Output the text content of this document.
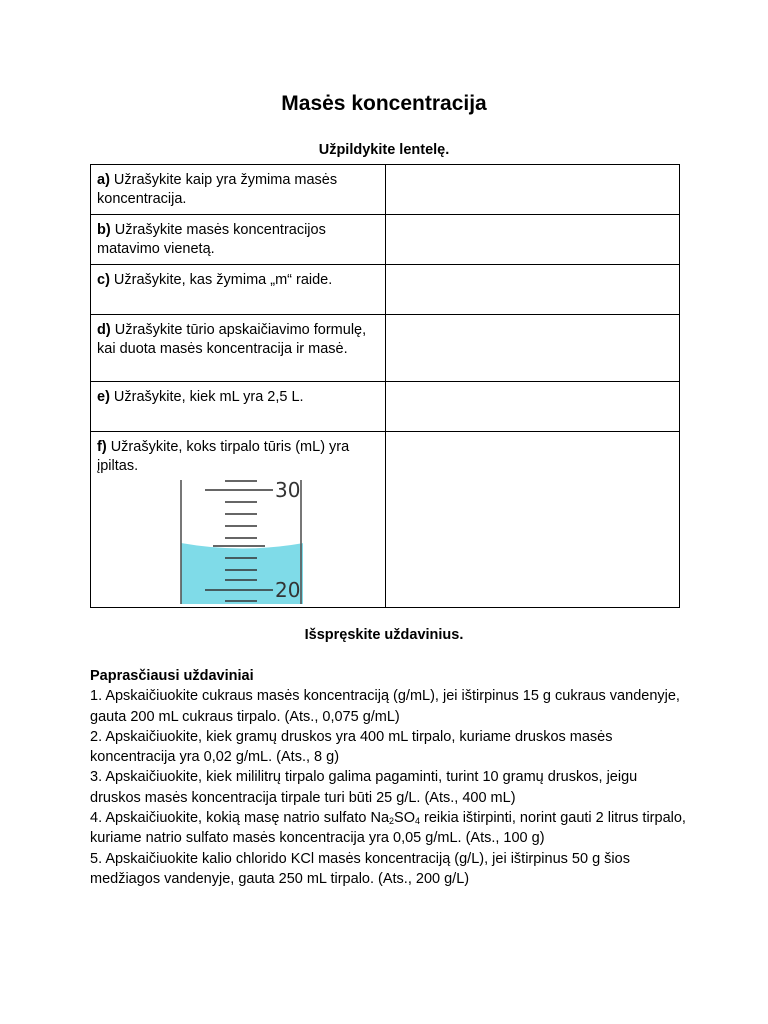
Masės koncentracija

Užpildykite lentelę.

a) Užrašykite kaip yra žymima masės koncentracija.	
b) Užrašykite masės koncentracijos matavimo vienetą.	
c) Užrašykite, kas žymima „m“ raide.	
d) Užrašykite tūrio apskaičiavimo formulę, kai duota masės koncentracija ir masė.	
e) Užrašykite, kiek mL yra 2,5 L.	
f) Užrašykite, koks tirpalo tūris (mL) yra įpiltas.
30
20	

Išspręskite uždavinius.

Paprasčiausi uždaviniai

1. Apskaičiuokite cukraus masės koncentraciją (g/mL), jei ištirpinus 15 g cukraus vandenyje, gauta 200 mL cukraus tirpalo. (Ats., 0,075 g/mL)

2. Apskaičiuokite, kiek gramų druskos yra 400 mL tirpalo, kuriame druskos masės koncentracija yra 0,02 g/mL. (Ats., 8 g)

3. Apskaičiuokite, kiek mililitrų tirpalo galima pagaminti, turint 10 gramų druskos, jeigu druskos masės koncentracija tirpale turi būti 25 g/L. (Ats., 400 mL)

4. Apskaičiuokite, kokią masę natrio sulfato $Na_2SO_4$ reikia ištirpinti, norint gauti 2 litrus tirpalo, kuriame natrio sulfato masės koncentracija yra 0,05 g/mL. (Ats., 100 g)

5. Apskaičiuokite kalio chlorido KCl masės koncentraciją (g/L), jei ištirpinus 50 g šios medžiagos vandenyje, gauta 250 mL tirpalo. (Ats., 200 g/L)
